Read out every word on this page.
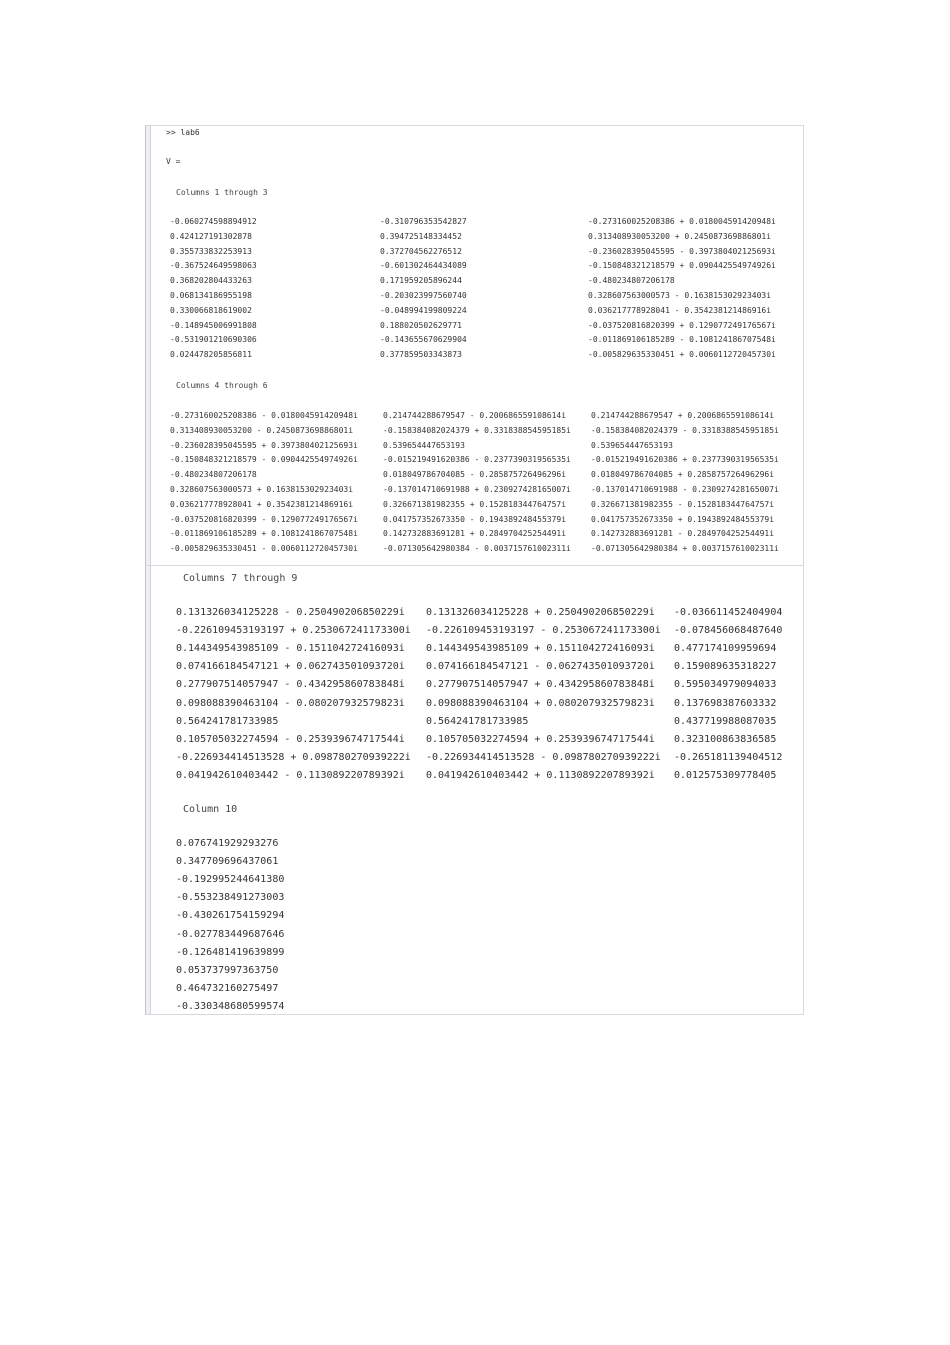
>> lab6
V =
Columns 1 through 3
-0.060274598894912	-0.310796353542827	-0.273160025208386 + 0.018004591420948i
0.424127191302878	0.394725148334452	0.313408930053200 + 0.245087369886801i
0.355733832253913	0.372704562276512	-0.236028395045595 - 0.397380402125693i
-0.367524649598063	-0.601302464434089	-0.150848321218579 + 0.090442554974926i
0.368202804433263	0.171959205896244	-0.480234807206178
0.068134186955198	-0.203023997560740	0.328607563000573 - 0.163815302923403i
0.330066818619002	-0.048994199809224	0.036217778928041 - 0.354238121486916i
-0.148945006991808	0.188020502629771	-0.037520816820399 + 0.129077249176567i
-0.531901210690306	-0.143655670629904	-0.011869106185289 - 0.108124186707548i
0.024478205856811	0.377859503343873	-0.005829635330451 + 0.006011272045730i
Columns 4 through 6
-0.273160025208386 - 0.018004591420948i	0.214744288679547 - 0.200686559108614i	0.214744288679547 + 0.200686559108614i
0.313408930053200 - 0.245087369886801i	-0.158384082024379 + 0.331838854595185i	-0.158384082024379 - 0.331838854595185i
-0.236028395045595 + 0.397380402125693i	0.539654447653193	0.539654447653193
-0.150848321218579 - 0.090442554974926i	-0.015219491620386 - 0.237739031956535i	-0.015219491620386 + 0.237739031956535i
-0.480234807206178	0.018049786704085 - 0.285875726496296i	0.018049786704085 + 0.285875726496296i
0.328607563000573 + 0.163815302923403i	-0.137014710691988 + 0.230927428165007i	-0.137014710691988 - 0.230927428165007i
0.036217778928041 + 0.354238121486916i	0.326671381982355 + 0.152818344764757i	0.326671381982355 - 0.152818344764757i
-0.037520816820399 - 0.129077249176567i	0.041757352673350 - 0.194389248455379i	0.041757352673350 + 0.194389248455379i
-0.011869106185289 + 0.108124186707548i	0.142732883691281 + 0.284970425254491i	0.142732883691281 - 0.284970425254491i
-0.005829635330451 - 0.006011272045730i	-0.071305642980384 - 0.003715761002311i	-0.071305642980384 + 0.003715761002311i
Columns 7 through 9
0.131326034125228 - 0.250490206850229i 0.131326034125228 + 0.250490206850229i -0.036611452404904
-0.226109453193197 + 0.253067241173300i -0.226109453193197 - 0.253067241173300i -0.078456068487640
0.144349543985109 - 0.151104272416093i 0.144349543985109 + 0.151104272416093i 0.477174109959694
0.074166184547121 + 0.062743501093720i 0.074166184547121 - 0.062743501093720i 0.159089635318227
0.277907514057947 - 0.434295860783848i 0.277907514057947 + 0.434295860783848i 0.595034979094033
0.098088390463104 - 0.080207932579823i 0.098088390463104 + 0.080207932579823i 0.137698387603332
0.564241781733985	0.564241781733985	0.437719988087035
0.105705032274594 - 0.253939674717544i 0.105705032274594 + 0.253939674717544i 0.323100863836585
-0.226934414513528 + 0.098780270939222i -0.226934414513528 - 0.098780270939222i -0.265181139404512
0.041942610403442 - 0.113089220789392i 0.041942610403442 + 0.113089220789392i 0.012575309778405
Column 10
0.076741929293276
0.347709696437061
-0.192995244641380
-0.553238491273003
-0.430261754159294
-0.027783449687646
-0.126481419639899
0.053737997363750
0.464732160275497
-0.330348680599574
